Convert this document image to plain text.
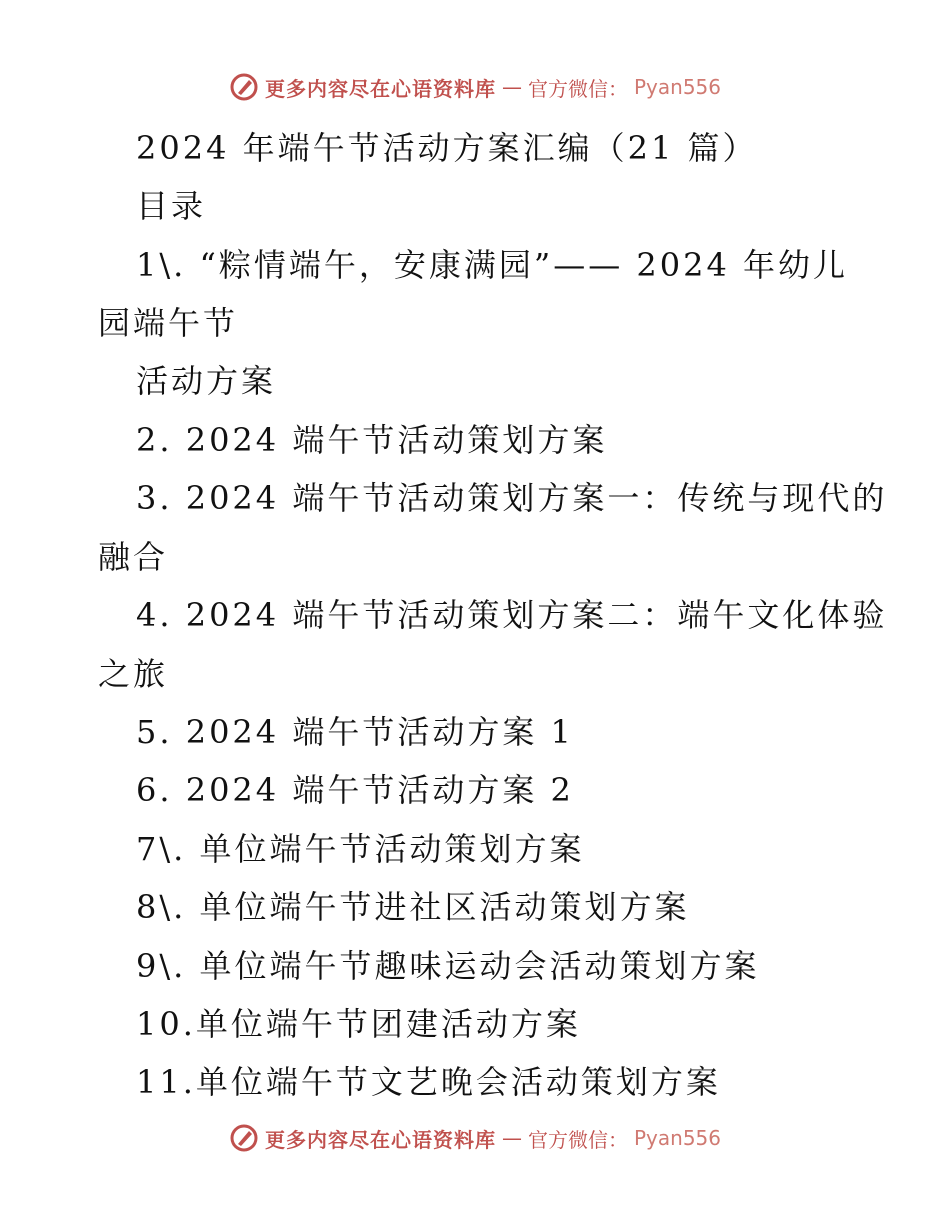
更多内容尽在心语资料库 — 官方微信： Pyan556
2024 年端午节活动方案汇编（21 篇）
目录
1\. “粽情端午，安康满园”—— 2024 年幼儿
园端午节
活动方案
2. 2024 端午节活动策划方案
3. 2024 端午节活动策划方案一：传统与现代的
融合
4. 2024 端午节活动策划方案二：端午文化体验
之旅
5. 2024 端午节活动方案 1
6. 2024 端午节活动方案 2
7\. 单位端午节活动策划方案
8\. 单位端午节进社区活动策划方案
9\. 单位端午节趣味运动会活动策划方案
10.单位端午节团建活动方案
11.单位端午节文艺晚会活动策划方案
更多内容尽在心语资料库 — 官方微信： Pyan556
